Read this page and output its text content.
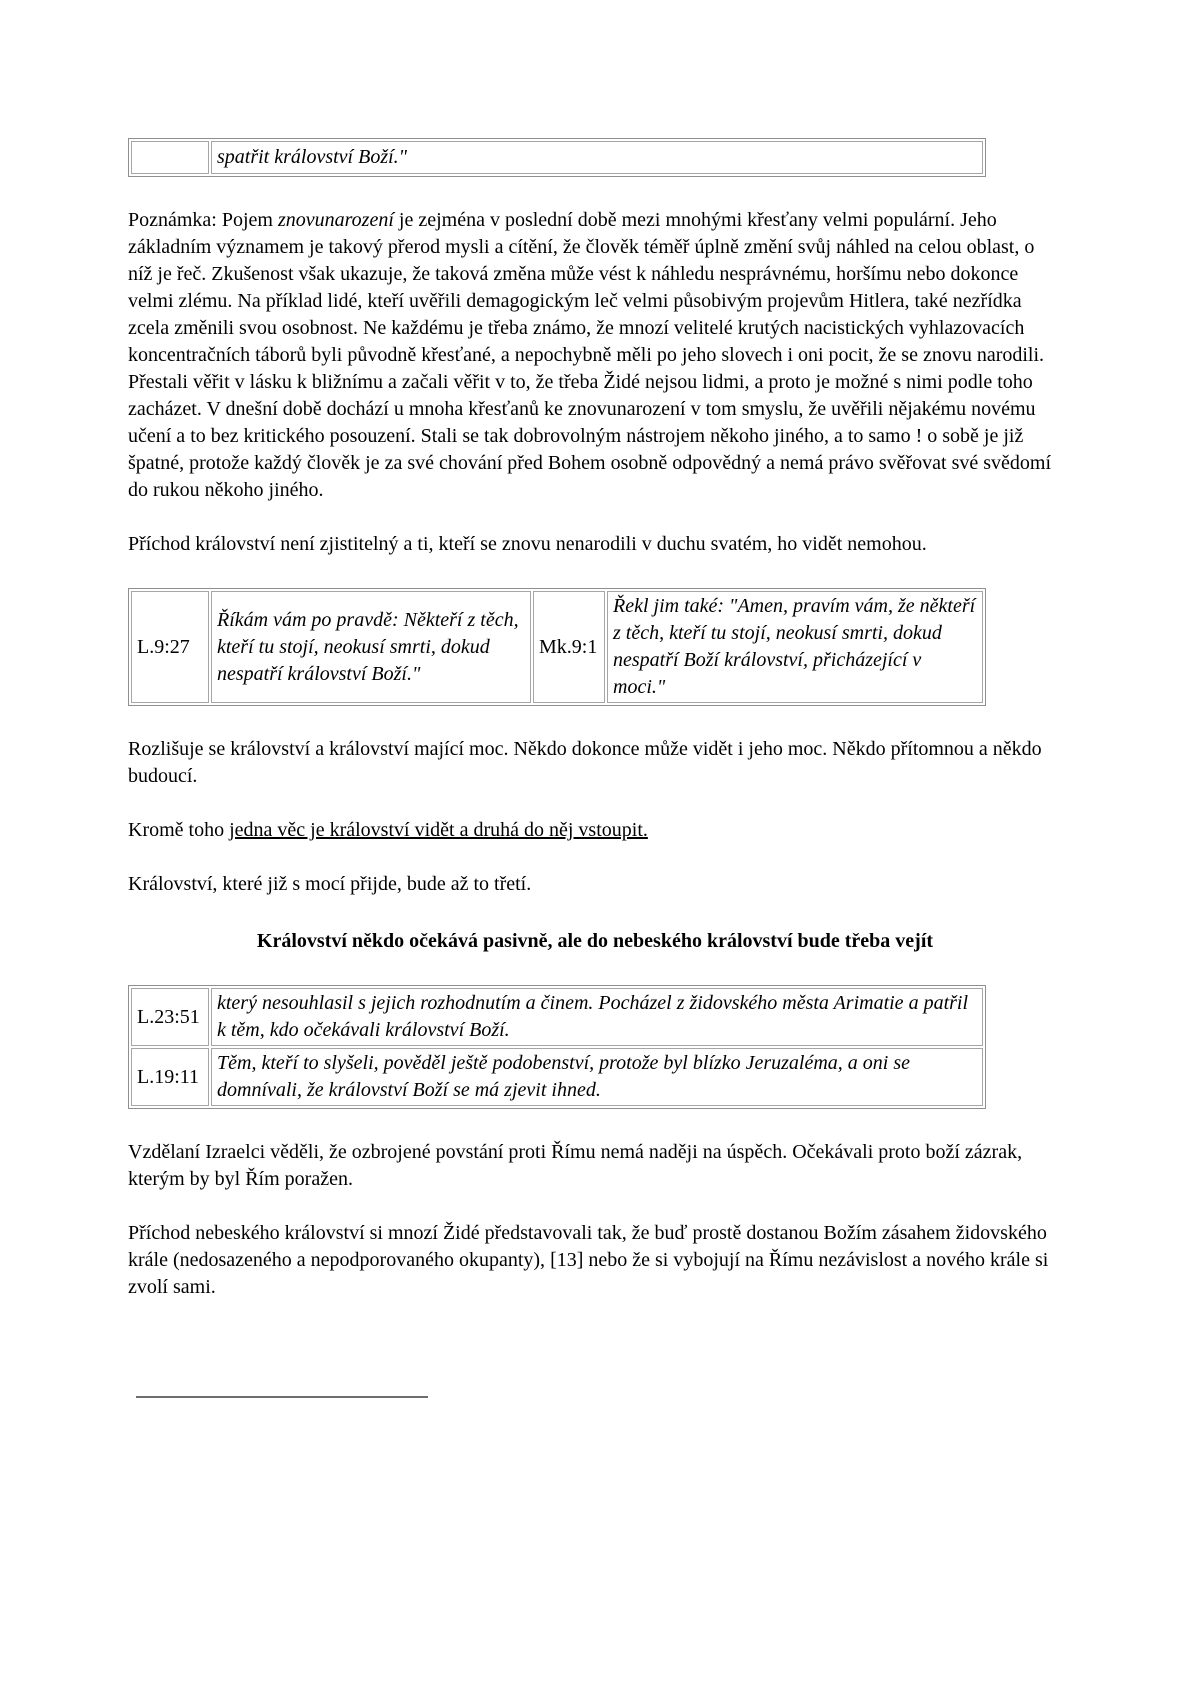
	spatřit království Boží."

Poznámka: Pojem znovunarození je zejména v poslední době mezi mnohými křesťany velmi populární. Jeho základním významem je takový přerod mysli a cítění, že člověk téměř úplně změní svůj náhled na celou oblast, o níž je řeč. Zkušenost však ukazuje, že taková změna může vést k náhledu nesprávnému, horšímu nebo dokonce velmi zlému. Na příklad lidé, kteří uvěřili demagogickým leč velmi působivým projevům Hitlera, také nezřídka zcela změnili svou osobnost. Ne každému je třeba známo, že mnozí velitelé krutých nacistických vyhlazovacích koncentračních táborů byli původně křesťané, a nepochybně měli po jeho slovech i oni pocit, že se znovu narodili. Přestali věřit v lásku k bližnímu a začali věřit v to, že třeba Židé nejsou lidmi, a proto je možné s nimi podle toho zacházet. V dnešní době dochází u mnoha křesťanů ke znovunarození v tom smyslu, že uvěřili nějakému novému učení a to bez kritického posouzení. Stali se tak dobrovolným nástrojem někoho jiného, a to samo ! o sobě je již špatné, protože každý člověk je za své chování před Bohem osobně odpovědný a nemá právo svěřovat své svědomí do rukou někoho jiného.

Příchod království není zjistitelný a ti, kteří se znovu nenarodili v duchu svatém, ho vidět nemohou.

L.9:27	Říkám vám po pravdě: Někteří z těch, kteří tu stojí, neokusí smrti, dokud nespatří království Boží."	Mk.9:1	Řekl jim také: "Amen, pravím vám, že někteří z těch, kteří tu stojí, neokusí smrti, dokud nespatří Boží království, přicházející v moci."

Rozlišuje se království a království mající moc. Někdo dokonce může vidět i jeho moc. Někdo přítomnou a někdo budoucí.

Kromě toho jedna věc je království vidět a druhá do něj vstoupit.

Království, které již s mocí přijde, bude až to třetí.

Království někdo očekává pasivně, ale do nebeského království bude třeba vejít
L.23:51	který nesouhlasil s jejich rozhodnutím a činem. Pocházel z židovského města Arimatie a patřil k těm, kdo očekávali království Boží.
L.19:11	Těm, kteří to slyšeli, pověděl ještě podobenství, protože byl blízko Jeruzaléma, a oni se domnívali, že království Boží se má zjevit ihned.

Vzdělaní Izraelci věděli, že ozbrojené povstání proti Římu nemá naději na úspěch. Očekávali proto boží zázrak, kterým by byl Řím poražen.

Příchod nebeského království si mnozí Židé představovali tak, že buď prostě dostanou Božím zásahem židovského krále (nedosazeného a nepodporovaného okupanty), [13] nebo že si vybojují na Římu nezávislost a nového krále si zvolí sami.
